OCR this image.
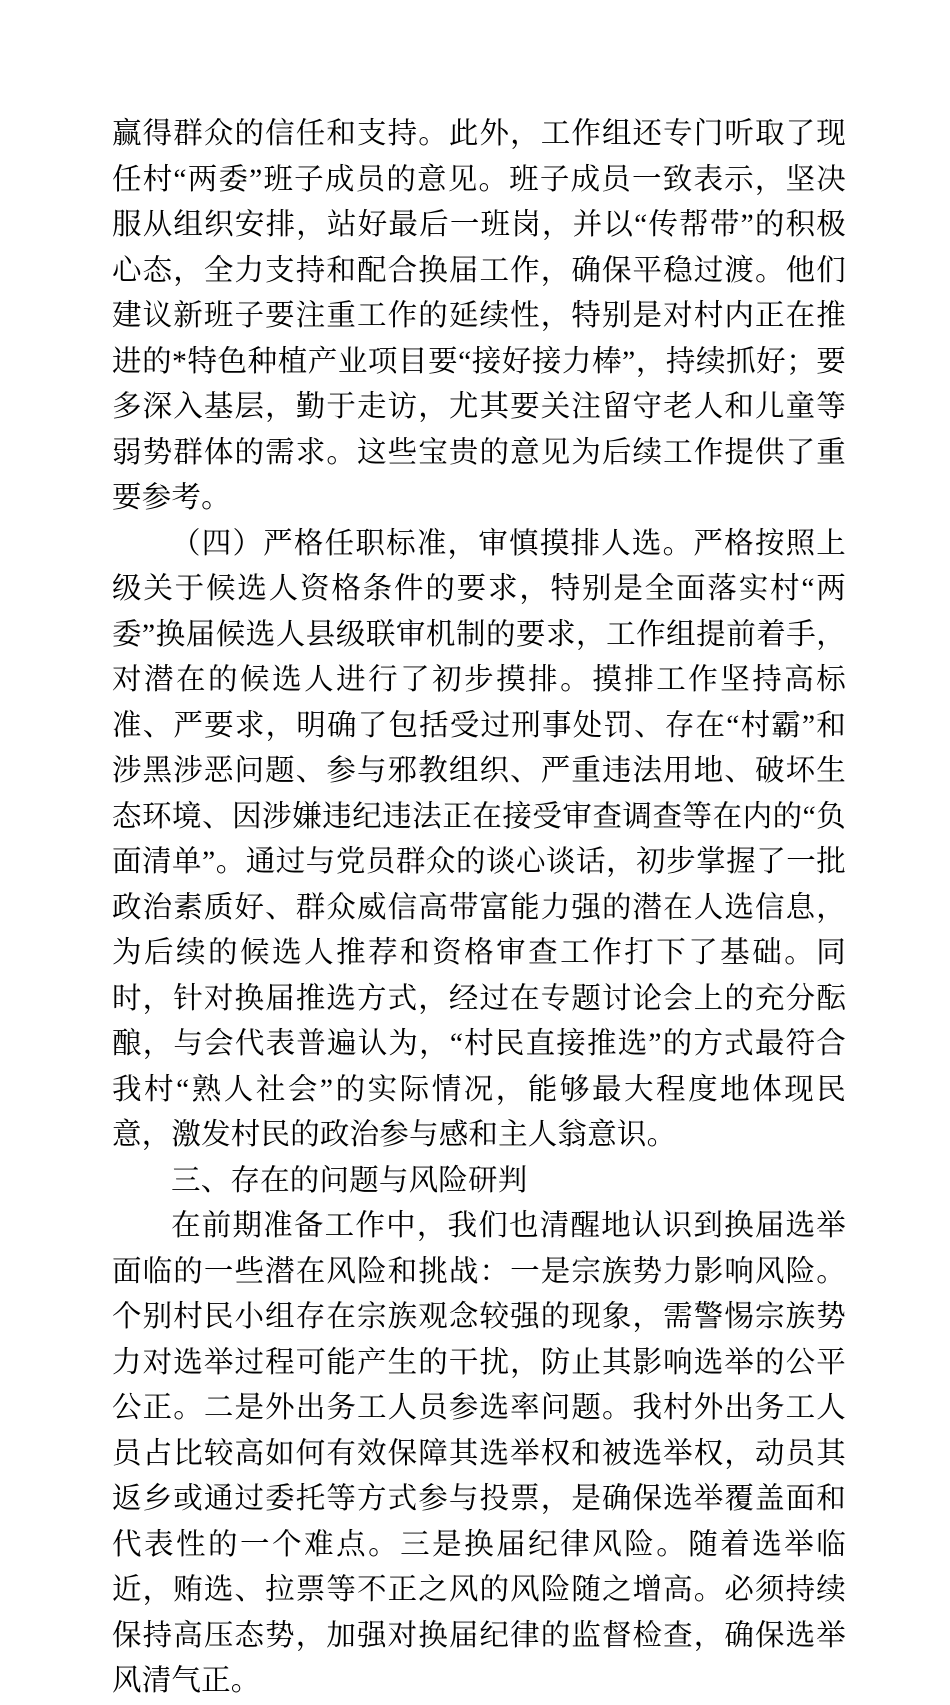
赢得群众的信任和支持。此外，工作组还专门听取了现任村“两委”班子成员的意见。班子成员一致表示，坚决服从组织安排，站好最后一班岗，并以“传帮带”的积极心态，全力支持和配合换届工作，确保平稳过渡。他们建议新班子要注重工作的延续性，特别是对村内正在推进的*特色种植产业项目要“接好接力棒”，持续抓好；要多深入基层，勤于走访，尤其要关注留守老人和儿童等弱势群体的需求。这些宝贵的意见为后续工作提供了重要参考。

（四）严格任职标准，审慎摸排人选。严格按照上级关于候选人资格条件的要求，特别是全面落实村“两委”换届候选人县级联审机制的要求，工作组提前着手，对潜在的候选人进行了初步摸排。摸排工作坚持高标准、严要求，明确了包括受过刑事处罚、存在“村霸”和涉黑涉恶问题、参与邪教组织、严重违法用地、破坏生态环境、因涉嫌违纪违法正在接受审查调查等在内的“负面清单”。通过与党员群众的谈心谈话，初步掌握了一批政治素质好、群众威信高带富能力强的潜在人选信息，为后续的候选人推荐和资格审查工作打下了基础。同时，针对换届推选方式，经过在专题讨论会上的充分酝酿，与会代表普遍认为，“村民直接推选”的方式最符合我村“熟人社会”的实际情况，能够最大程度地体现民意，激发村民的政治参与感和主人翁意识。

三、存在的问题与风险研判

在前期准备工作中，我们也清醒地认识到换届选举面临的一些潜在风险和挑战：一是宗族势力影响风险。个别村民小组存在宗族观念较强的现象，需警惕宗族势力对选举过程可能产生的干扰，防止其影响选举的公平公正。二是外出务工人员参选率问题。我村外出务工人员占比较高如何有效保障其选举权和被选举权，动员其返乡或通过委托等方式参与投票，是确保选举覆盖面和代表性的一个难点。三是换届纪律风险。随着选举临近，贿选、拉票等不正之风的风险随之增高。必须持续保持高压态势，加强对换届纪律的监督检查，确保选举风清气正。
